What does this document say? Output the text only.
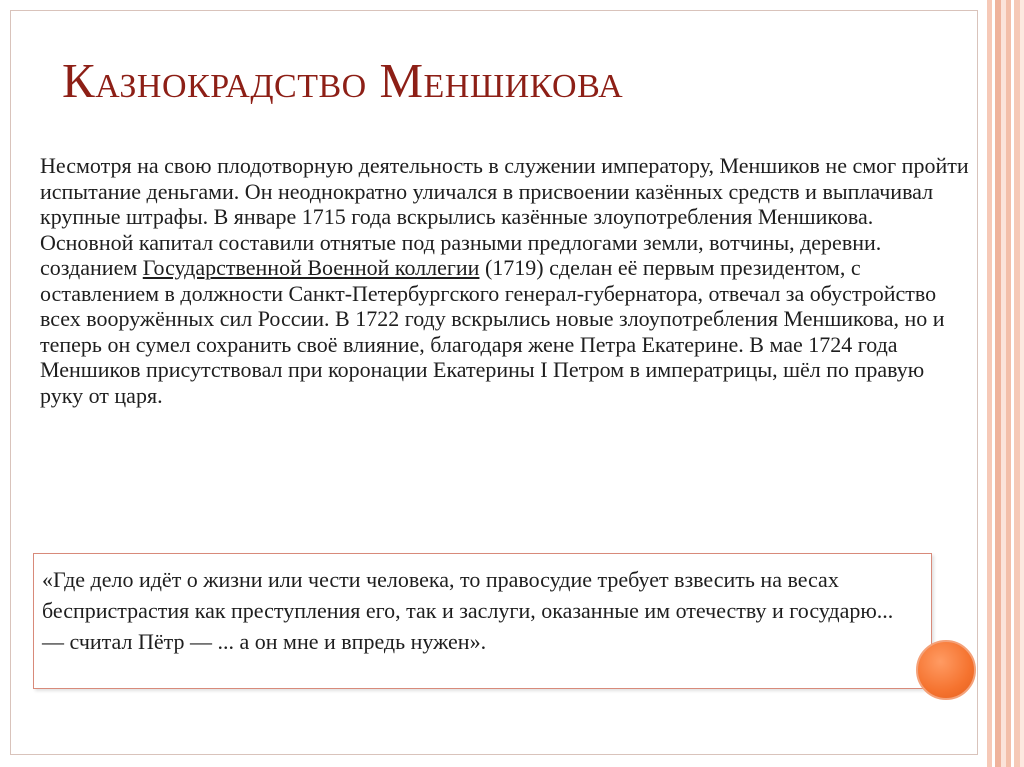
Казнокрадство Меншикова

Несмотря на свою плодотворную деятельность в служении императору, Меншиков не смог пройти испытание деньгами. Он неоднократно уличался в присвоении казённых средств и выплачивал крупные штрафы. В январе 1715 года вскрылись казённые злоупотребления Меншикова. Основной капитал составили отнятые под разными предлогами земли, вотчины, деревни. созданием Государственной Военной коллегии (1719) сделан её первым президентом, с оставлением в должности Санкт-Петербургского генерал-губернатора, отвечал за обустройство всех вооружённых сил России. В 1722 году вскрылись новые злоупотребления Меншикова, но и теперь он сумел сохранить своё влияние, благодаря жене Петра Екатерине. В мае 1724 года Меншиков присутствовал при коронации Екатерины I Петром в императрицы, шёл по правую руку от царя.

«Где дело идёт о жизни или чести человека, то правосудие требует взвесить на весах беспристрастия как преступления его, так и заслуги, оказанные им отечеству и государю... — считал Пётр — ... а он мне и впредь нужен».
